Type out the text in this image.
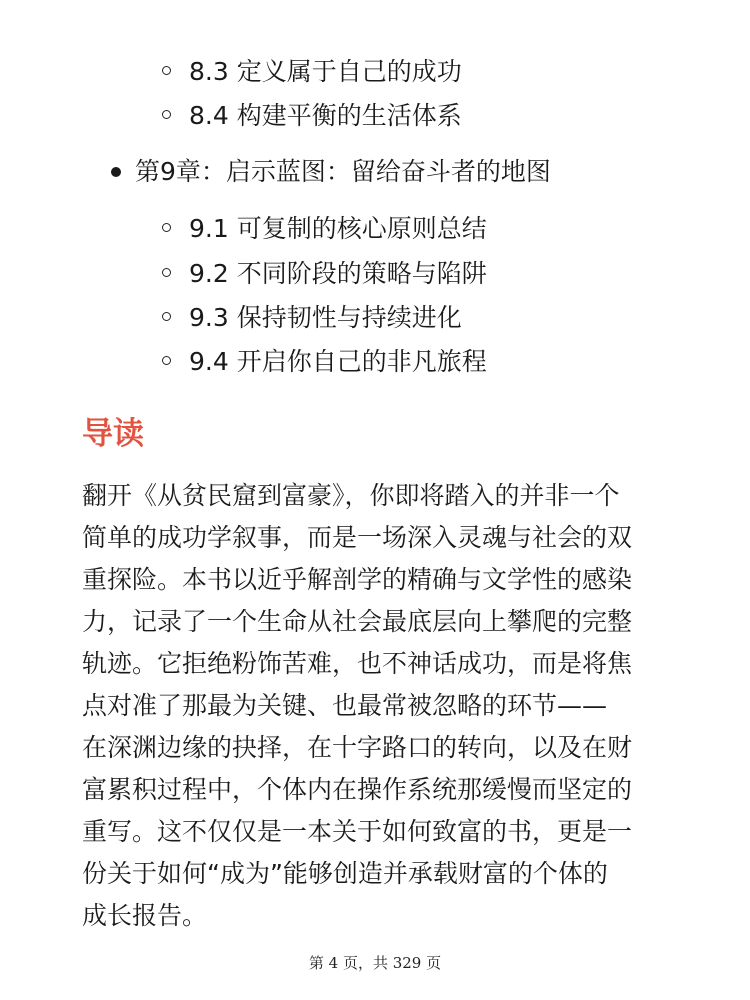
8.3 定义属于自己的成功
8.4 构建平衡的生活体系
第9章：启示蓝图：留给奋斗者的地图
9.1 可复制的核心原则总结
9.2 不同阶段的策略与陷阱
9.3 保持韧性与持续进化
9.4 开启你自己的非凡旅程
导读
翻开《从贫民窟到富豪》，你即将踏入的并非一个
简单的成功学叙事，而是一场深入灵魂与社会的双
重探险。本书以近乎解剖学的精确与文学性的感染
力，记录了一个生命从社会最底层向上攀爬的完整
轨迹。它拒绝粉饰苦难，也不神话成功，而是将焦
点对准了那最为关键、也最常被忽略的环节——
在深渊边缘的抉择，在十字路口的转向，以及在财
富累积过程中，个体内在操作系统那缓慢而坚定的
重写。这不仅仅是一本关于如何致富的书，更是一
份关于如何“成为”能够创造并承载财富的个体的
成长报告。
第 4 页，共 329 页
